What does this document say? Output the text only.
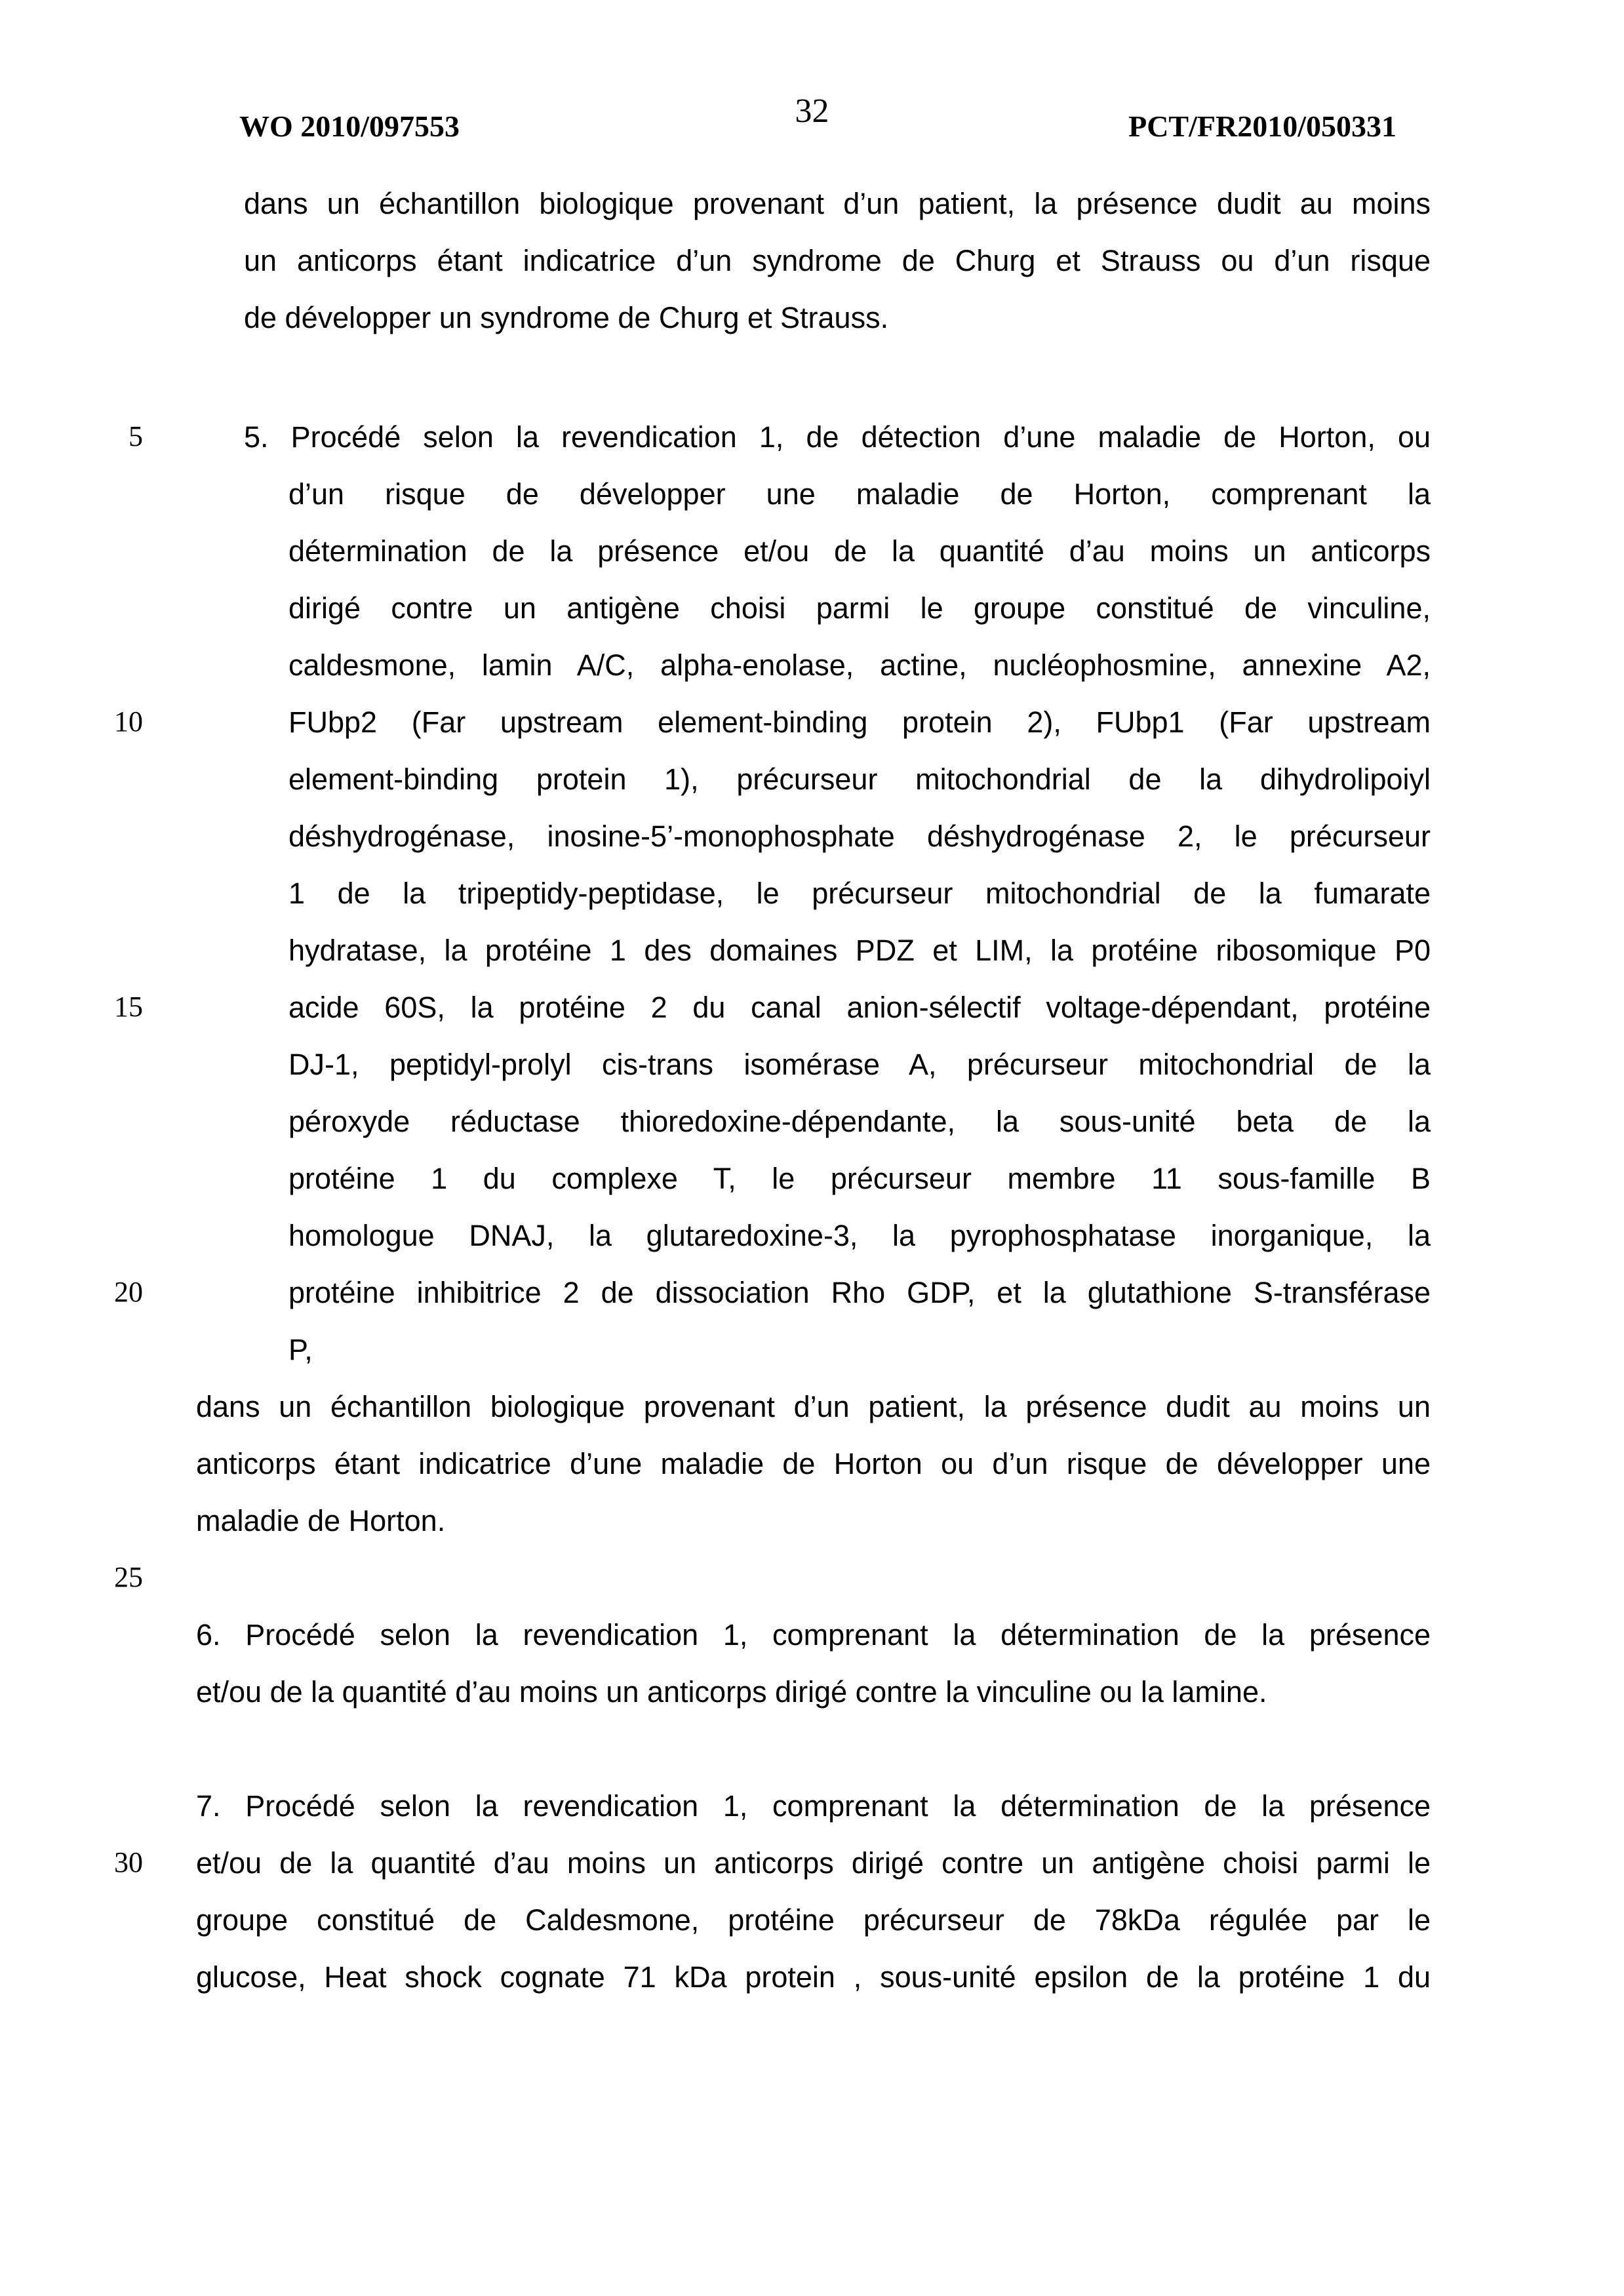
WO 2010/097553	32	PCT/FR2010/050331
5
10
15
20
25
30
dans un échantillon biologique provenant d’un patient, la présence dudit au moins
un anticorps étant indicatrice d’un syndrome de Churg et Strauss ou d’un risque
de développer un syndrome de Churg et Strauss.
5. Procédé selon la revendication 1, de détection d’une maladie de Horton, ou
d’un risque de développer une maladie de Horton, comprenant la
détermination de la présence et/ou de la quantité d’au moins un anticorps
dirigé contre un antigène choisi parmi le groupe constitué de vinculine,
caldesmone, lamin A/C, alpha-enolase, actine, nucléophosmine, annexine A2,
FUbp2 (Far upstream element-binding protein 2), FUbp1 (Far upstream
element-binding protein 1), précurseur mitochondrial de la dihydrolipoiyl
déshydrogénase, inosine-5’-monophosphate déshydrogénase 2, le précurseur
1 de la tripeptidy-peptidase, le précurseur mitochondrial de la fumarate
hydratase, la protéine 1 des domaines PDZ et LIM, la protéine ribosomique P0
acide 60S, la protéine 2 du canal anion-sélectif voltage-dépendant, protéine
DJ-1, peptidyl-prolyl cis-trans isomérase A, précurseur mitochondrial de la
péroxyde réductase thioredoxine-dépendante, la sous-unité beta de la
protéine 1 du complexe T, le précurseur membre 11 sous-famille B
homologue DNAJ, la glutaredoxine-3, la pyrophosphatase inorganique, la
protéine inhibitrice 2 de dissociation Rho GDP, et la glutathione S-transférase
P,
dans un échantillon biologique provenant d’un patient, la présence dudit au moins un
anticorps étant indicatrice d’une maladie de Horton ou d’un risque de développer une
maladie de Horton.
6. Procédé selon la revendication 1, comprenant la détermination de la présence
et/ou de la quantité d’au moins un anticorps dirigé contre la vinculine ou la lamine.
7. Procédé selon la revendication 1, comprenant la détermination de la présence
et/ou de la quantité d’au moins un anticorps dirigé contre un antigène choisi parmi le
groupe constitué de Caldesmone, protéine précurseur de 78kDa régulée par le
glucose, Heat shock cognate 71 kDa protein , sous-unité epsilon de la protéine 1 du
